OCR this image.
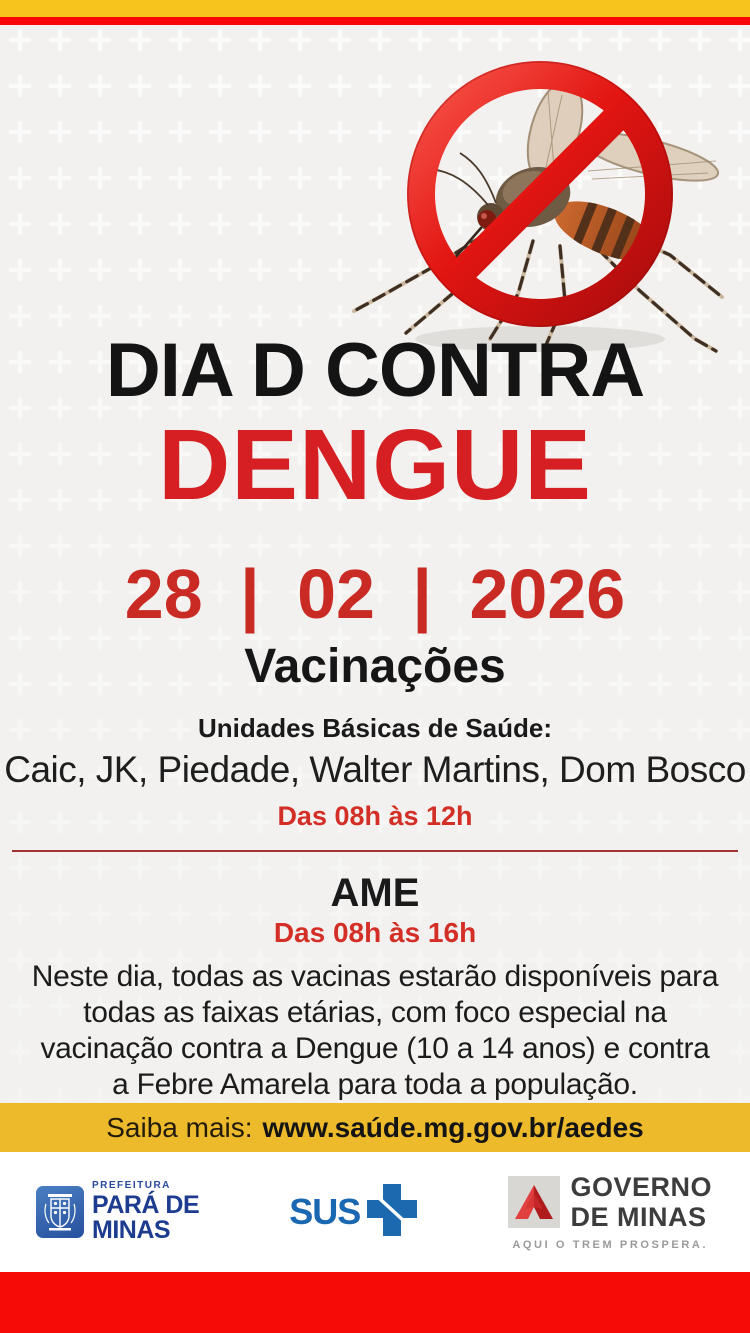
DIA D CONTRA
DENGUE
28 | 02 | 2026
Vacinações
Unidades Básicas de Saúde:
Caic, JK, Piedade, Walter Martins, Dom Bosco
Das 08h às 12h
AME
Das 08h às 16h

Neste dia, todas as vacinas estarão disponíveis para todas as faixas etárias, com foco especial na vacinação contra a Dengue (10 a 14 anos) e contra a Febre Amarela para toda a população.

Saiba mais: www.saúde.mg.gov.br/aedes
PREFEITURA
PARÁ DE
MINAS	SUS
GOVERNO
DE MINAS
AQUI O TREM PROSPERA.
